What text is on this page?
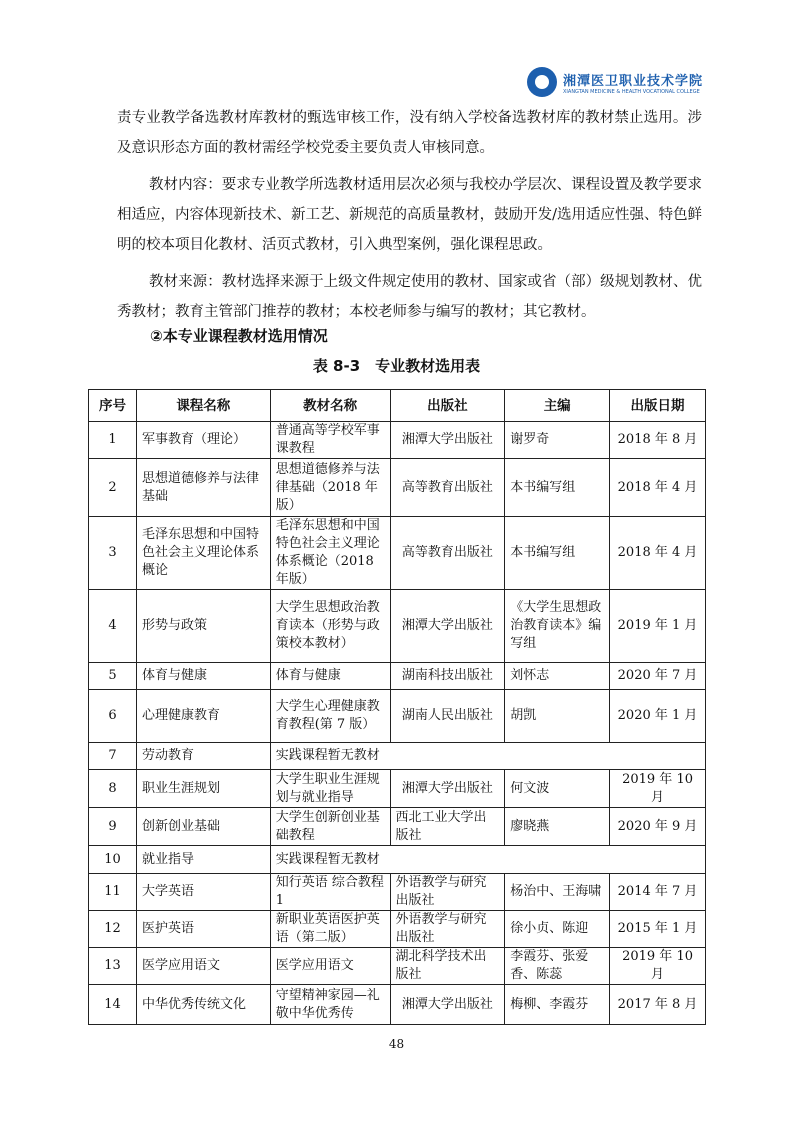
湘潭医卫职业技术学院
XIANGTAN MEDICINE & HEALTH VOCATIONAL COLLEGE

责专业教学备选教材库教材的甄选审核工作，没有纳入学校备选教材库的教材禁止选用。涉及意识形态方面的教材需经学校党委主要负责人审核同意。

教材内容：要求专业教学所选教材适用层次必须与我校办学层次、课程设置及教学要求相适应，内容体现新技术、新工艺、新规范的高质量教材，鼓励开发/选用适应性强、特色鲜明的校本项目化教材、活页式教材，引入典型案例，强化课程思政。

教材来源：教材选择来源于上级文件规定使用的教材、国家或省（部）级规划教材、优秀教材；教育主管部门推荐的教材；本校老师参与编写的教材；其它教材。

②本专业课程教材选用情况
表 8-3　专业教材选用表
序号	课程名称	教材名称	出版社	主编	出版日期
1	军事教育（理论）	普通高等学校军事课教程	湘潭大学出版社	谢罗奇	2018 年 8 月
2	思想道德修养与法律基础	思想道德修养与法律基础（2018 年版）	高等教育出版社	本书编写组	2018 年 4 月
3	毛泽东思想和中国特色社会主义理论体系概论	毛泽东思想和中国特色社会主义理论体系概论（2018 年版）	高等教育出版社	本书编写组	2018 年 4 月
4	形势与政策	大学生思想政治教育读本（形势与政策校本教材）	湘潭大学出版社	《大学生思想政治教育读本》编写组	2019 年 1 月
5	体育与健康	体育与健康	湖南科技出版社	刘怀志	2020 年 7 月
6	心理健康教育	大学生心理健康教育教程(第 7 版）	湖南人民出版社	胡凯	2020 年 1 月
7	劳动教育	实践课程暂无教材			
8	职业生涯规划	大学生职业生涯规划与就业指导	湘潭大学出版社	何文波	2019 年 10 月
9	创新创业基础	大学生创新创业基础教程	西北工业大学出版社	廖晓燕	2020 年 9 月
10	就业指导	实践课程暂无教材			
11	大学英语	知行英语 综合教程 1	外语教学与研究出版社	杨治中、王海啸	2014 年 7 月
12	医护英语	新职业英语医护英语（第二版）	外语教学与研究出版社	徐小贞、陈迎	2015 年 1 月
13	医学应用语文	医学应用语文	湖北科学技术出版社	李霞芬、张爱香、陈蕊	2019 年 10 月
14	中华优秀传统文化	守望精神家园—礼敬中华优秀传	湘潭大学出版社	梅柳、李霞芬	2017 年 8 月
48
